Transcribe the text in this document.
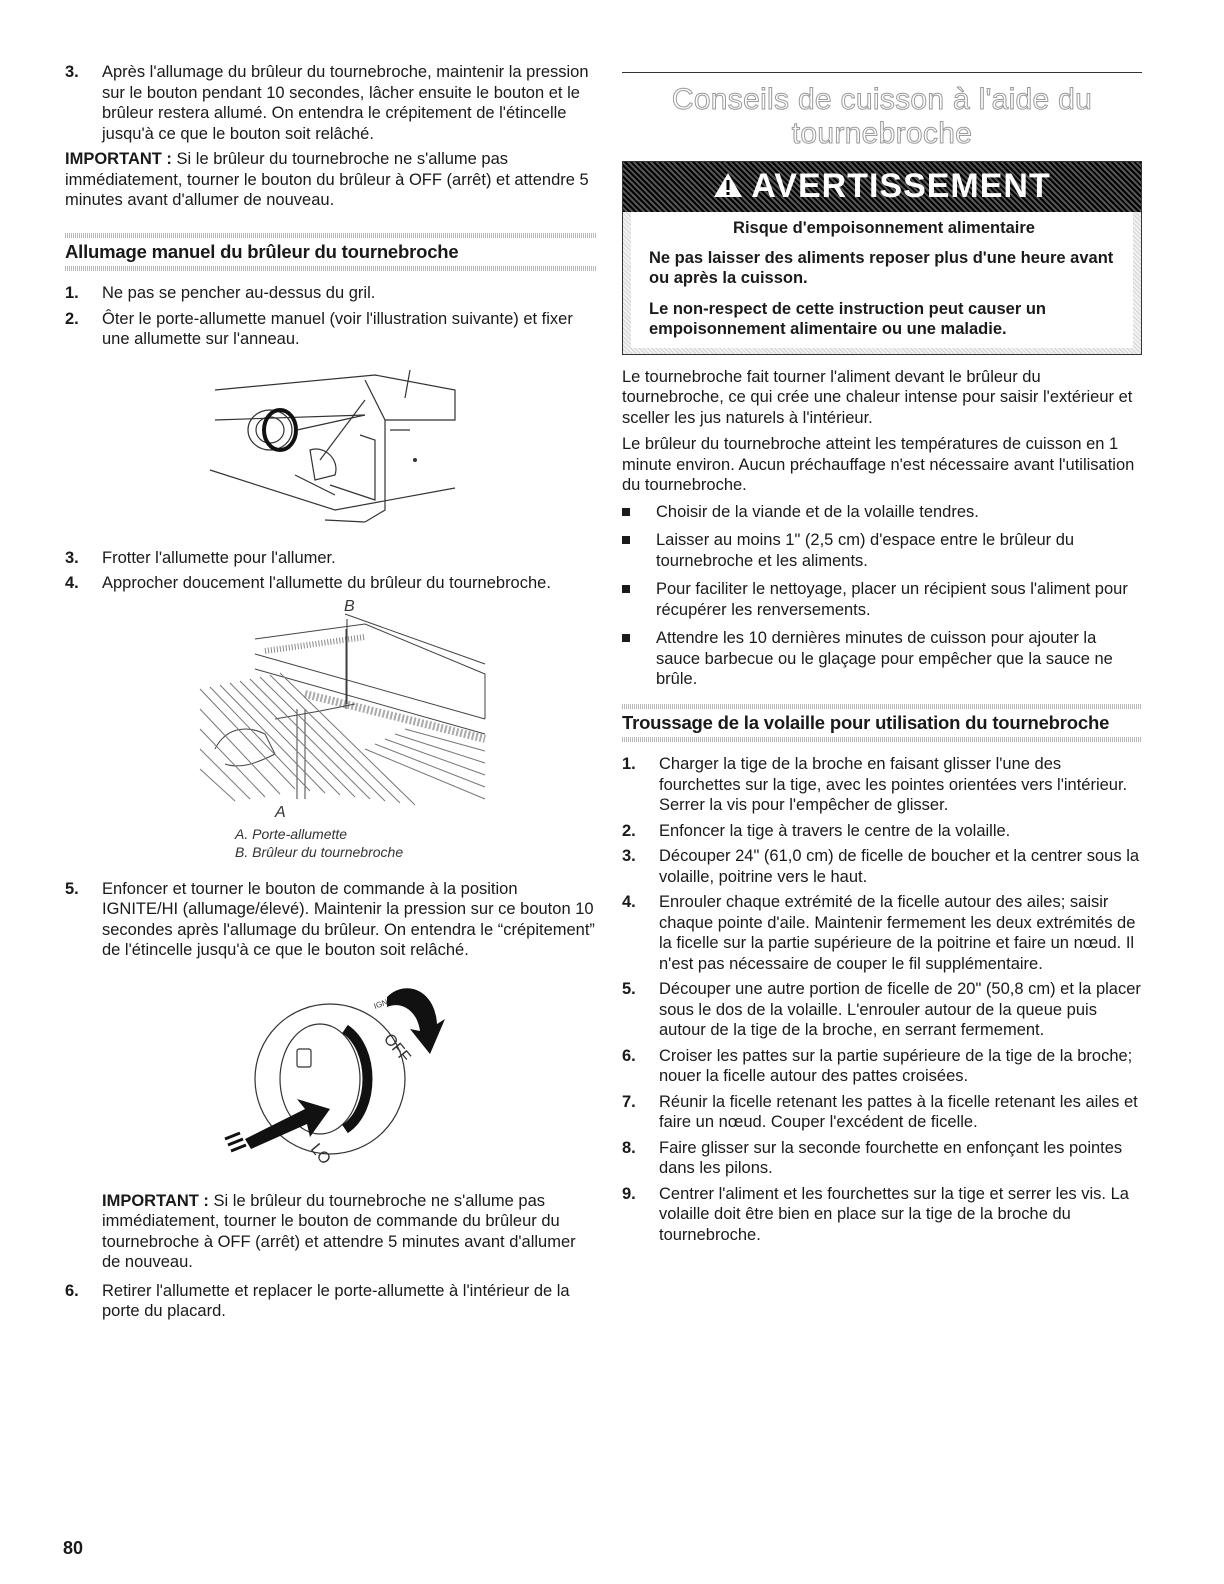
3. Après l'allumage du brûleur du tournebroche, maintenir la pression sur le bouton pendant 10 secondes, lâcher ensuite le bouton et le brûleur restera allumé. On entendra le crépitement de l'étincelle jusqu'à ce que le bouton soit relâché.

IMPORTANT : Si le brûleur du tournebroche ne s'allume pas immédiatement, tourner le bouton du brûleur à OFF (arrêt) et attendre 5 minutes avant d'allumer de nouveau.

Allumage manuel du brûleur du tournebroche
1. Ne pas se pencher au-dessus du gril.
2. Ôter le porte-allumette manuel (voir l'illustration suivante) et fixer une allumette sur l'anneau.
3. Frotter l'allumette pour l'allumer.
4. Approcher doucement l'allumette du brûleur du tournebroche.
B
A
A. Porte-allumette
B. Brûleur du tournebroche
5. Enfoncer et tourner le bouton de commande à la position IGNITE/HI (allumage/élevé). Maintenir la pression sur ce bouton 10 secondes après l'allumage du brûleur. On entendra le “crépitement” de l'étincelle jusqu'à ce que le bouton soit relâché.
IGN
OFF
LO

IMPORTANT : Si le brûleur du tournebroche ne s'allume pas immédiatement, tourner le bouton de commande du brûleur du tournebroche à OFF (arrêt) et attendre 5 minutes avant d'allumer de nouveau.

6. Retirer l'allumette et replacer le porte-allumette à l'intérieur de la porte du placard.
Conseils de cuisson à l'aide du tournebroche
AVERTISSEMENT
Risque d'empoisonnement alimentaire

Ne pas laisser des aliments reposer plus d'une heure avant ou après la cuisson.

Le non-respect de cette instruction peut causer un empoisonnement alimentaire ou une maladie.

Le tournebroche fait tourner l'aliment devant le brûleur du tournebroche, ce qui crée une chaleur intense pour saisir l'extérieur et sceller les jus naturels à l'intérieur.

Le brûleur du tournebroche atteint les températures de cuisson en 1 minute environ. Aucun préchauffage n'est nécessaire avant l'utilisation du tournebroche.

Choisir de la viande et de la volaille tendres.
Laisser au moins 1" (2,5 cm) d'espace entre le brûleur du tournebroche et les aliments.
Pour faciliter le nettoyage, placer un récipient sous l'aliment pour récupérer les renversements.
Attendre les 10 dernières minutes de cuisson pour ajouter la sauce barbecue ou le glaçage pour empêcher que la sauce ne brûle.
Troussage de la volaille pour utilisation du tournebroche
1. Charger la tige de la broche en faisant glisser l'une des fourchettes sur la tige, avec les pointes orientées vers l'intérieur. Serrer la vis pour l'empêcher de glisser.
2. Enfoncer la tige à travers le centre de la volaille.
3. Découper 24" (61,0 cm) de ficelle de boucher et la centrer sous la volaille, poitrine vers le haut.
4. Enrouler chaque extrémité de la ficelle autour des ailes; saisir chaque pointe d'aile. Maintenir fermement les deux extrémités de la ficelle sur la partie supérieure de la poitrine et faire un nœud. Il n'est pas nécessaire de couper le fil supplémentaire.
5. Découper une autre portion de ficelle de 20" (50,8 cm) et la placer sous le dos de la volaille. L'enrouler autour de la queue puis autour de la tige de la broche, en serrant fermement.
6. Croiser les pattes sur la partie supérieure de la tige de la broche; nouer la ficelle autour des pattes croisées.
7. Réunir la ficelle retenant les pattes à la ficelle retenant les ailes et faire un nœud. Couper l'excédent de ficelle.
8. Faire glisser sur la seconde fourchette en enfonçant les pointes dans les pilons.
9. Centrer l'aliment et les fourchettes sur la tige et serrer les vis. La volaille doit être bien en place sur la tige de la broche du tournebroche.
80
